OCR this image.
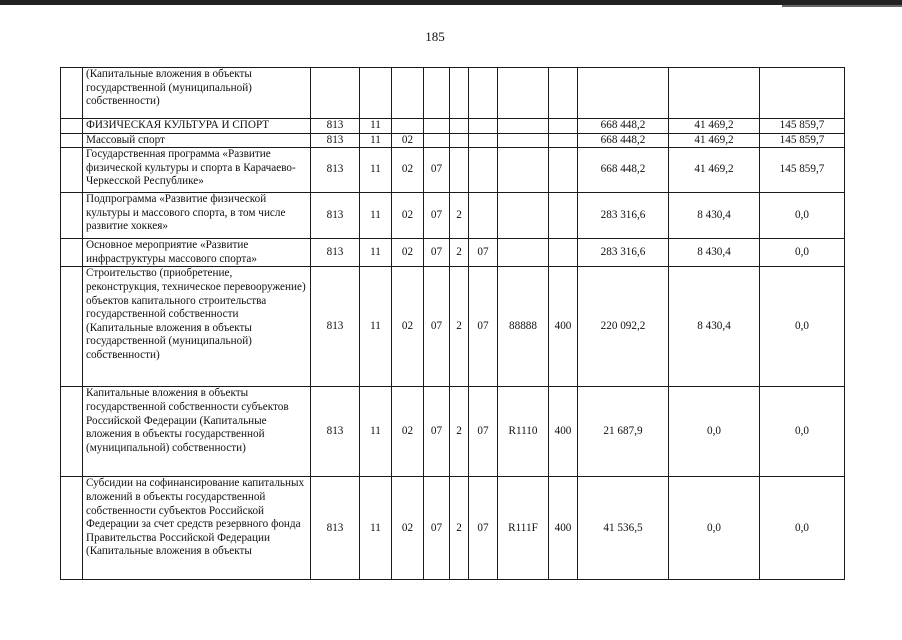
185
	(Капитальные вложения в объекты государственной (муниципальной) собственности)											
	ФИЗИЧЕСКАЯ КУЛЬТУРА И СПОРТ	813	11							668 448,2	41 469,2	145 859,7
	Массовый спорт	813	11	02						668 448,2	41 469,2	145 859,7
	Государственная программа «Развитие физической культуры и спорта в Карачаево-Черкесской Республике»	813	11	02	07					668 448,2	41 469,2	145 859,7
	Подпрограмма «Развитие физической культуры и массового спорта, в том числе развитие хоккея»	813	11	02	07	2				283 316,6	8 430,4	0,0
	Основное мероприятие «Развитие инфраструктуры массового спорта»	813	11	02	07	2	07			283 316,6	8 430,4	0,0
	Строительство (приобретение, реконструкция, техническое перевооружение) объектов капитального строительства государственной собственности (Капитальные вложения в объекты государственной (муниципальной) собственности)	813	11	02	07	2	07	88888	400	220 092,2	8 430,4	0,0
	Капитальные вложения в объекты государственной собственности субъектов Российской Федерации (Капитальные вложения в объекты государственной (муниципальной) собственности)	813	11	02	07	2	07	R1110	400	21 687,9	0,0	0,0
	Субсидии на софинансирование капитальных вложений в объекты государственной собственности субъектов Российской Федерации за счет средств резервного фонда Правительства Российской Федерации (Капитальные вложения в объекты	813	11	02	07	2	07	R111F	400	41 536,5	0,0	0,0
